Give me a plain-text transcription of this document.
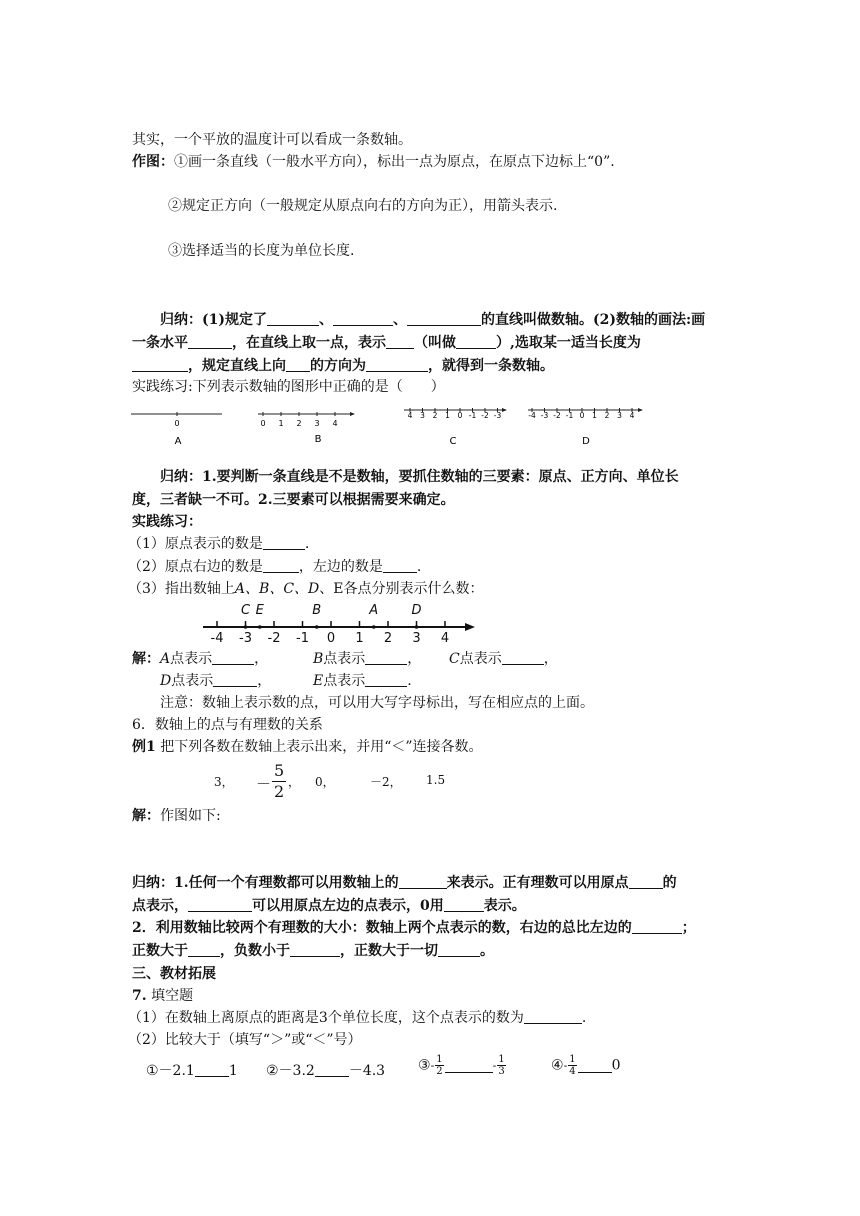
其实，一个平放的温度计可以看成一条数轴。
作图：①画一条直线（一般水平方向），标出一点为原点，在原点下边标上“0”.
②规定正方向（一般规定从原点向右的方向为正），用箭头表示.
③选择适当的长度为单位长度.
归纳：(1)规定了	、	、	的直线叫做数轴。(2)数轴的画法:画
一条水平	，在直线上取一点，表示 （叫做	）,选取某一适当长度为
，规定直线上向 的方向为	，就得到一条数轴。
实践练习:下列表示数轴的图形中正确的是（　　）
0
A
0 1 2 3 4
B
4 3 2 1 0 -1 -2 -3
C
-4 -3 -2 -1 0 1 2 3 4
D
归纳：1.要判断一条直线是不是数轴，要抓住数轴的三要素：原点、正方向、单位长
度，三者缺一不可。2.三要素可以根据需要来确定。
实践练习：
（1）原点表示的数是	.
（2）原点右边的数是	，左边的数是 .
（3）指出数轴上A、B、C、D、E各点分别表示什么数：
-4 -3 -2 -1 0 1 2 3 4
C E	B	A	D
解：A点表示	，	B点表示	， C点表示	，
D点表示	，	E点表示	.
注意：数轴上表示数的点，可以用大写字母标出，写在相应点的上面。
6．数轴上的点与有理数的关系
例1 把下列各数在数轴上表示出来，并用“＜”连接各数。
3， － $\frac{5}{2}$ ， 0，	－2， 1.5
解：作图如下:
归纳：1.任何一个有理数都可以用数轴上的	来表示。正有理数可以用原点 的
点表示，	可以用原点左边的点表示，0用	表示。
2．利用数轴比较两个有理数的大小：数轴上两个点表示的数，右边的总比左边的	；
正数大于 ，负数小于	，正数大于一切	。
三、教材拓展
7. 填空题
（1）在数轴上离原点的距离是3个单位长度，这个点表示的数为	.
（2）比较大于（填写“＞”或“＜”号）
①－2.1 1 ②－3.2 －4.3 ③- $\frac{1}{2}$	- $\frac{1}{3}$	④- $\frac{1}{4}$	0
